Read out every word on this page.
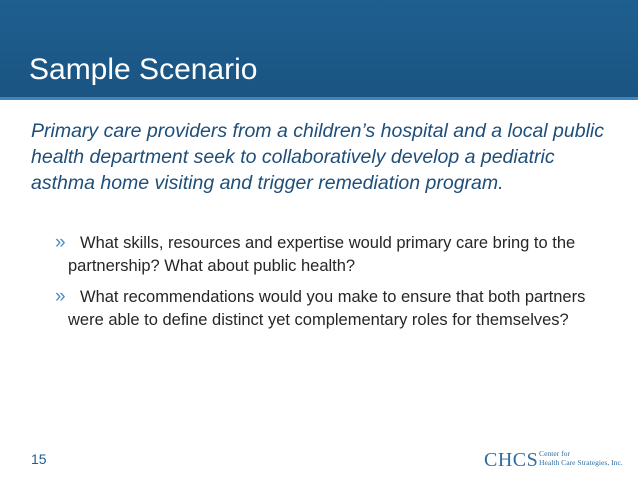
Sample Scenario
Primary care providers from a children’s hospital and a local public health department seek to collaboratively develop a pediatric asthma home visiting and trigger remediation program.
» What skills, resources and expertise would primary care bring to the partnership? What about public health?
» What recommendations would you make to ensure that both partners were able to define distinct yet complementary roles for themselves?
15	CHCS Center for
Health Care Strategies, Inc.
